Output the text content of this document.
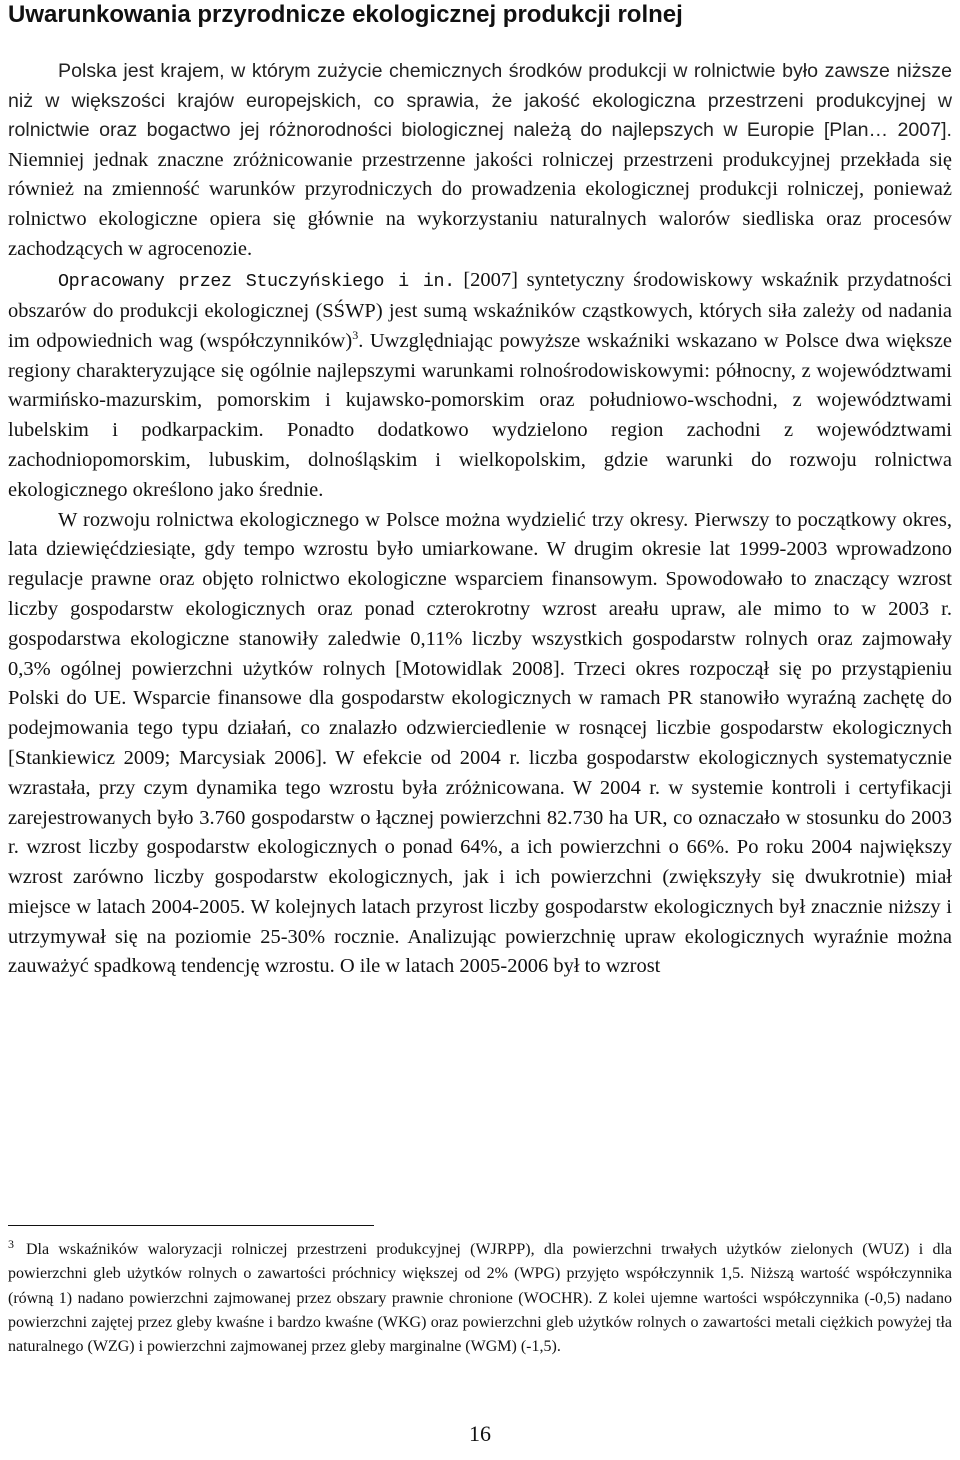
Uwarunkowania przyrodnicze ekologicznej produkcji rolnej

Polska jest krajem, w którym zużycie chemicznych środków produkcji w rolnictwie było zawsze niższe niż w większości krajów europejskich, co sprawia, że jakość ekologiczna przestrzeni produkcyjnej w rolnictwie oraz bogactwo jej różnorodności biologicznej należą do najlepszych w Europie [Plan… 2007]. Niemniej jednak znaczne zróżnicowanie przestrzenne jakości rolniczej przestrzeni produkcyjnej przekłada się również na zmienność warunków przyrodniczych do prowadzenia ekologicznej produkcji rolniczej, ponieważ rolnictwo ekologiczne opiera się głównie na wykorzystaniu naturalnych walorów siedliska oraz procesów zachodzących w agrocenozie.

Opracowany przez Stuczyńskiego i in. [2007] syntetyczny środowiskowy wskaźnik przydatności obszarów do produkcji ekologicznej (SŚWP) jest sumą wskaźników cząstkowych, których siła zależy od nadania im odpowiednich wag (współczynników)$^3$. Uwzględniając powyższe wskaźniki wskazano w Polsce dwa większe regiony charakteryzujące się ogólnie najlepszymi warunkami rolnośrodowiskowymi: północny, z województwami warmińsko-mazurskim, pomorskim i kujawsko-pomorskim oraz południowo-wschodni, z województwami lubelskim i podkarpackim. Ponadto dodatkowo wydzielono region zachodni z województwami zachodniopomorskim, lubuskim, dolnośląskim i wielkopolskim, gdzie warunki do rozwoju rolnictwa ekologicznego określono jako średnie.

W rozwoju rolnictwa ekologicznego w Polsce można wydzielić trzy okresy. Pierwszy to początkowy okres, lata dziewięćdziesiąte, gdy tempo wzrostu było umiarkowane. W drugim okresie lat 1999-2003 wprowadzono regulacje prawne oraz objęto rolnictwo ekologiczne wsparciem finansowym. Spowodowało to znaczący wzrost liczby gospodarstw ekologicznych oraz ponad czterokrotny wzrost areału upraw, ale mimo to w 2003 r. gospodarstwa ekologiczne stanowiły zaledwie 0,11% liczby wszystkich gospodarstw rolnych oraz zajmowały 0,3% ogólnej powierzchni użytków rolnych [Motowidlak 2008]. Trzeci okres rozpoczął się po przystąpieniu Polski do UE. Wsparcie finansowe dla gospodarstw ekologicznych w ramach PR stanowiło wyraźną zachętę do podejmowania tego typu działań, co znalazło odzwierciedlenie w rosnącej liczbie gospodarstw ekologicznych [Stankiewicz 2009; Marcysiak 2006]. W efekcie od 2004 r. liczba gospodarstw ekologicznych systematycznie wzrastała, przy czym dynamika tego wzrostu była zróżnicowana. W 2004 r. w systemie kontroli i certyfikacji zarejestrowanych było 3.760 gospodarstw o łącznej powierzchni 82.730 ha UR, co oznaczało w stosunku do 2003 r. wzrost liczby gospodarstw ekologicznych o ponad 64%, a ich powierzchni o 66%. Po roku 2004 największy wzrost zarówno liczby gospodarstw ekologicznych, jak i ich powierzchni (zwiększyły się dwukrotnie) miał miejsce w latach 2004-2005. W kolejnych latach przyrost liczby gospodarstw ekologicznych był znacznie niższy i utrzymywał się na poziomie 25-30% rocznie. Analizując powierzchnię upraw ekologicznych wyraźnie można zauważyć spadkową tendencję wzrostu. O ile w latach 2005-2006 był to wzrost

$^3$ Dla wskaźników waloryzacji rolniczej przestrzeni produkcyjnej (WJRPP), dla powierzchni trwałych użytków zielonych (WUZ) i dla powierzchni gleb użytków rolnych o zawartości próchnicy większej od 2% (WPG) przyjęto współczynnik 1,5. Niższą wartość współczynnika (równą 1) nadano powierzchni zajmowanej przez obszary prawnie chronione (WOCHR). Z kolei ujemne wartości współczynnika (-0,5) nadano powierzchni zajętej przez gleby kwaśne i bardzo kwaśne (WKG) oraz powierzchni gleb użytków rolnych o zawartości metali ciężkich powyżej tła naturalnego (WZG) i powierzchni zajmowanej przez gleby marginalne (WGM) (-1,5).

16
